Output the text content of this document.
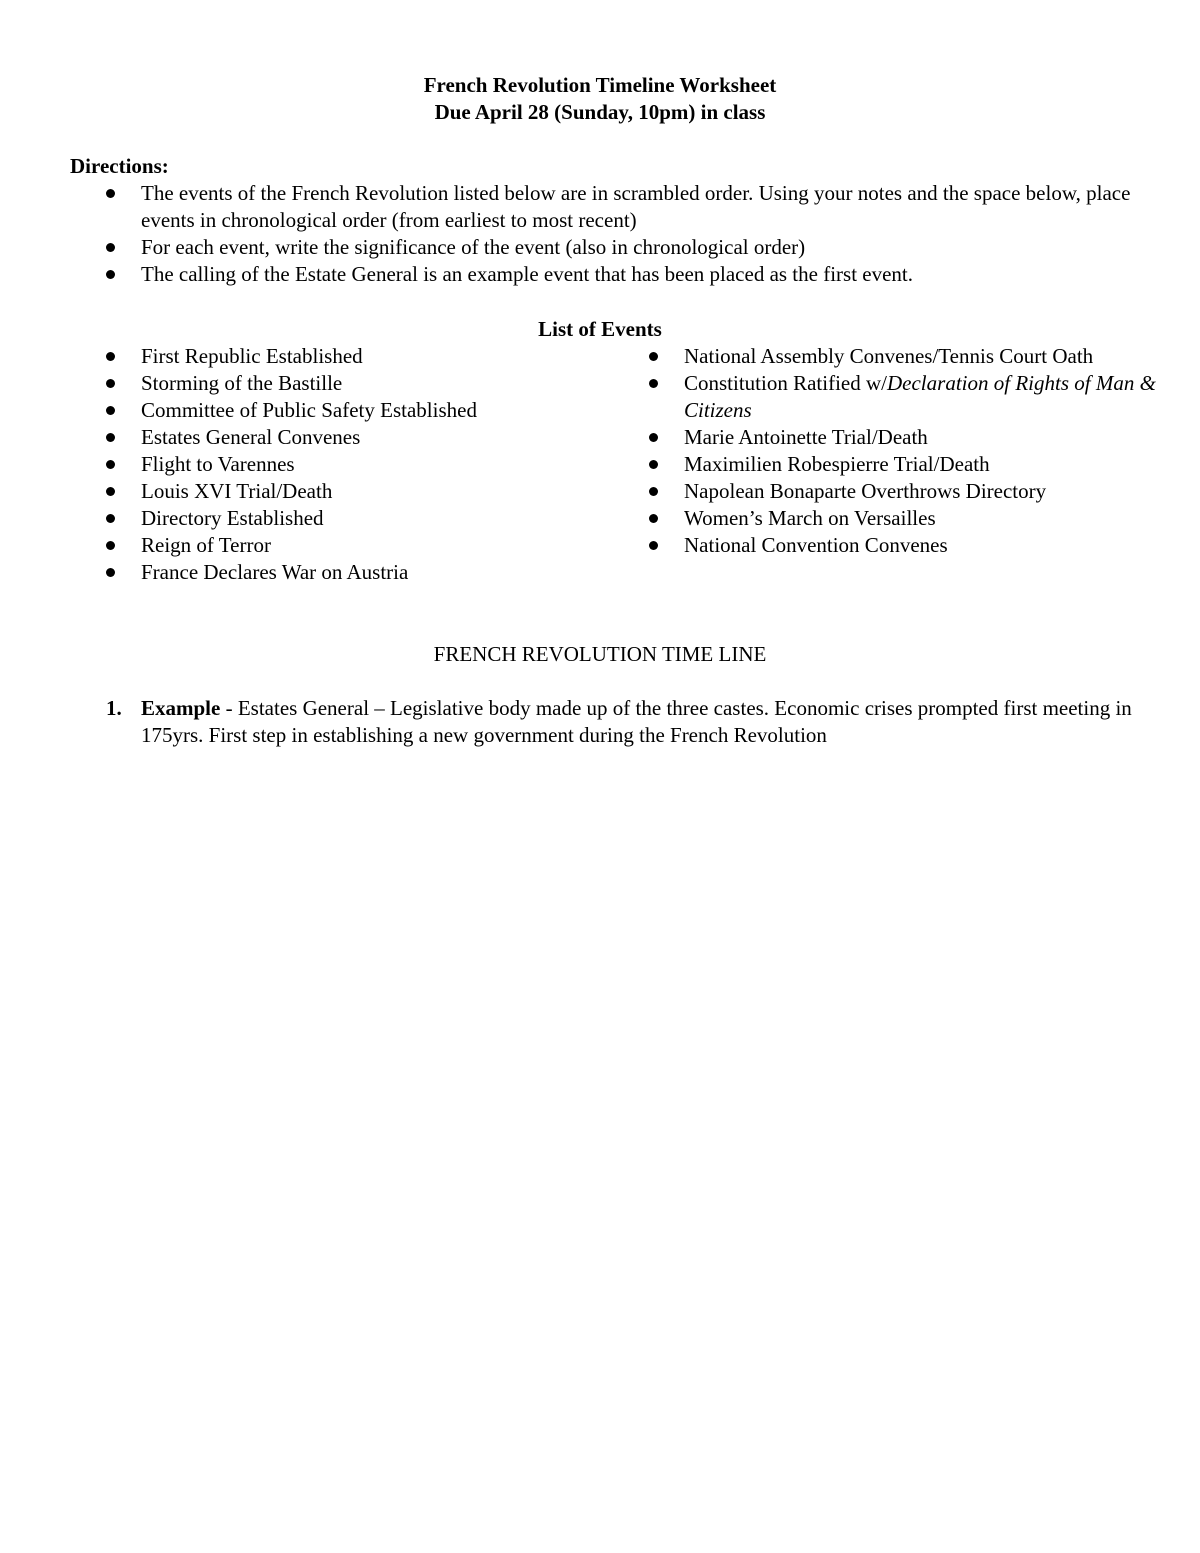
French Revolution Timeline Worksheet
Due April 28 (Sunday, 10pm) in class
Directions:
The events of the French Revolution listed below are in scrambled order. Using your notes and the space below, place events in chronological order (from earliest to most recent)
For each event, write the significance of the event (also in chronological order)
The calling of the Estate General is an example event that has been placed as the first event.
List of Events
First Republic Established
Storming of the Bastille
Committee of Public Safety Established
Estates General Convenes
Flight to Varennes
Louis XVI Trial/Death
Directory Established
Reign of Terror
France Declares War on Austria
National Assembly Convenes/Tennis Court Oath
Constitution Ratified w/Declaration of Rights of Man & Citizens
Marie Antoinette Trial/Death
Maximilien Robespierre Trial/Death
Napolean Bonaparte Overthrows Directory
Women’s March on Versailles
National Convention Convenes
FRENCH REVOLUTION TIME LINE
1. Example - Estates General – Legislative body made up of the three castes. Economic crises prompted first meeting in 175yrs. First step in establishing a new government during the French Revolution
